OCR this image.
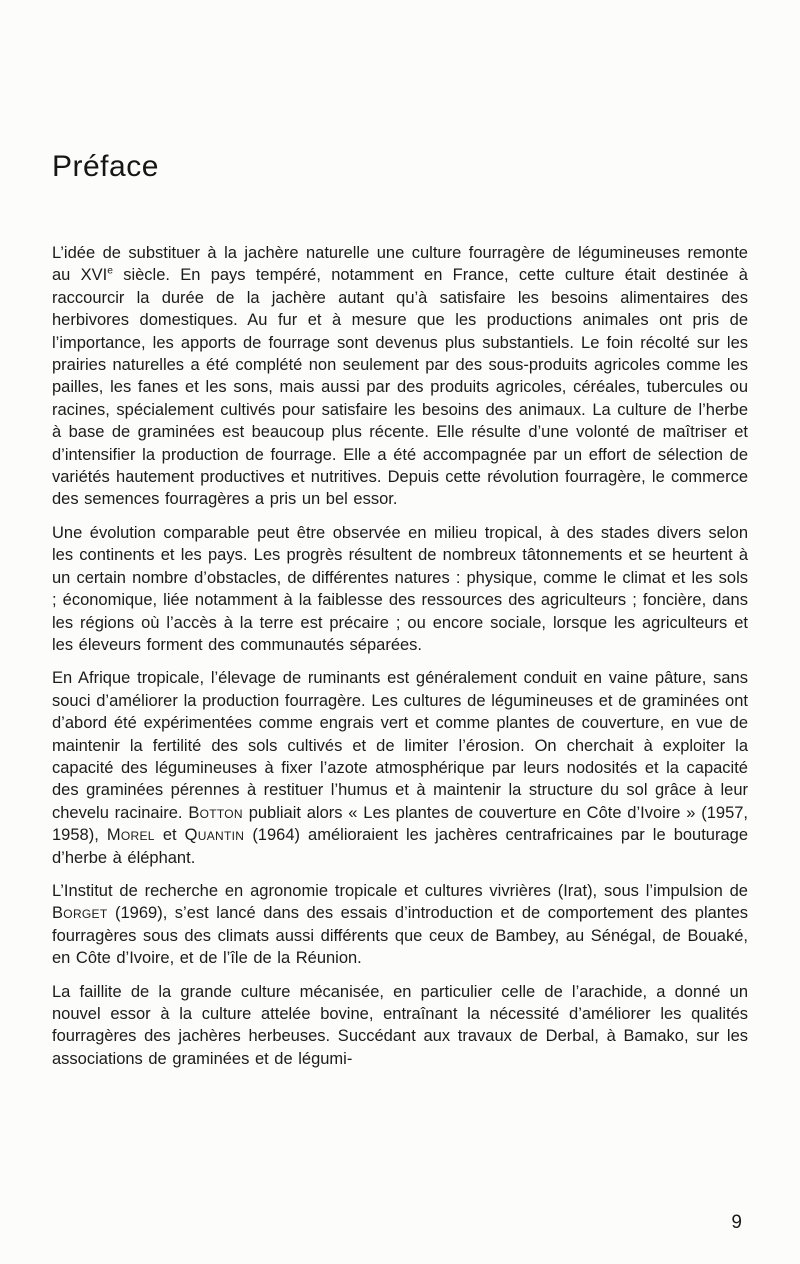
Préface

L’idée de substituer à la jachère naturelle une culture fourragère de légumineuses remonte au XVIe siècle. En pays tempéré, notamment en France, cette culture était destinée à raccourcir la durée de la jachère autant qu’à satisfaire les besoins alimentaires des herbivores domestiques. Au fur et à mesure que les productions animales ont pris de l’importance, les apports de fourrage sont devenus plus substantiels. Le foin récolté sur les prairies naturelles a été complété non seulement par des sous-produits agricoles comme les pailles, les fanes et les sons, mais aussi par des produits agricoles, céréales, tubercules ou racines, spécialement cultivés pour satisfaire les besoins des animaux. La culture de l’herbe à base de graminées est beaucoup plus récente. Elle résulte d’une volonté de maîtriser et d’intensifier la production de fourrage. Elle a été accompagnée par un effort de sélection de variétés hautement productives et nutritives. Depuis cette révolution fourragère, le commerce des semences fourragères a pris un bel essor.

Une évolution comparable peut être observée en milieu tropical, à des stades divers selon les continents et les pays. Les progrès résultent de nombreux tâtonnements et se heurtent à un certain nombre d’obstacles, de différentes natures : physique, comme le climat et les sols ; économique, liée notamment à la faiblesse des ressources des agriculteurs ; foncière, dans les régions où l’accès à la terre est précaire ; ou encore sociale, lorsque les agriculteurs et les éleveurs forment des communautés séparées.

En Afrique tropicale, l’élevage de ruminants est généralement conduit en vaine pâture, sans souci d’améliorer la production fourragère. Les cultures de légumineuses et de graminées ont d’abord été expérimentées comme engrais vert et comme plantes de couverture, en vue de maintenir la fertilité des sols cultivés et de limiter l’érosion. On cherchait à exploiter la capacité des légumineuses à fixer l’azote atmosphérique par leurs nodosités et la capacité des graminées pérennes à restituer l’humus et à maintenir la structure du sol grâce à leur chevelu racinaire. Botton publiait alors « Les plantes de couverture en Côte d’Ivoire » (1957, 1958), Morel et Quantin (1964) amélioraient les jachères centrafricaines par le bouturage d’herbe à éléphant.

L’Institut de recherche en agronomie tropicale et cultures vivrières (Irat), sous l’impulsion de Borget (1969), s’est lancé dans des essais d’introduction et de comportement des plantes fourragères sous des climats aussi différents que ceux de Bambey, au Sénégal, de Bouaké, en Côte d’Ivoire, et de l’île de la Réunion.

La faillite de la grande culture mécanisée, en particulier celle de l’arachide, a donné un nouvel essor à la culture attelée bovine, entraînant la nécessité d’améliorer les qualités fourragères des jachères herbeuses. Succédant aux travaux de Derbal, à Bamako, sur les associations de graminées et de légumi-

9
